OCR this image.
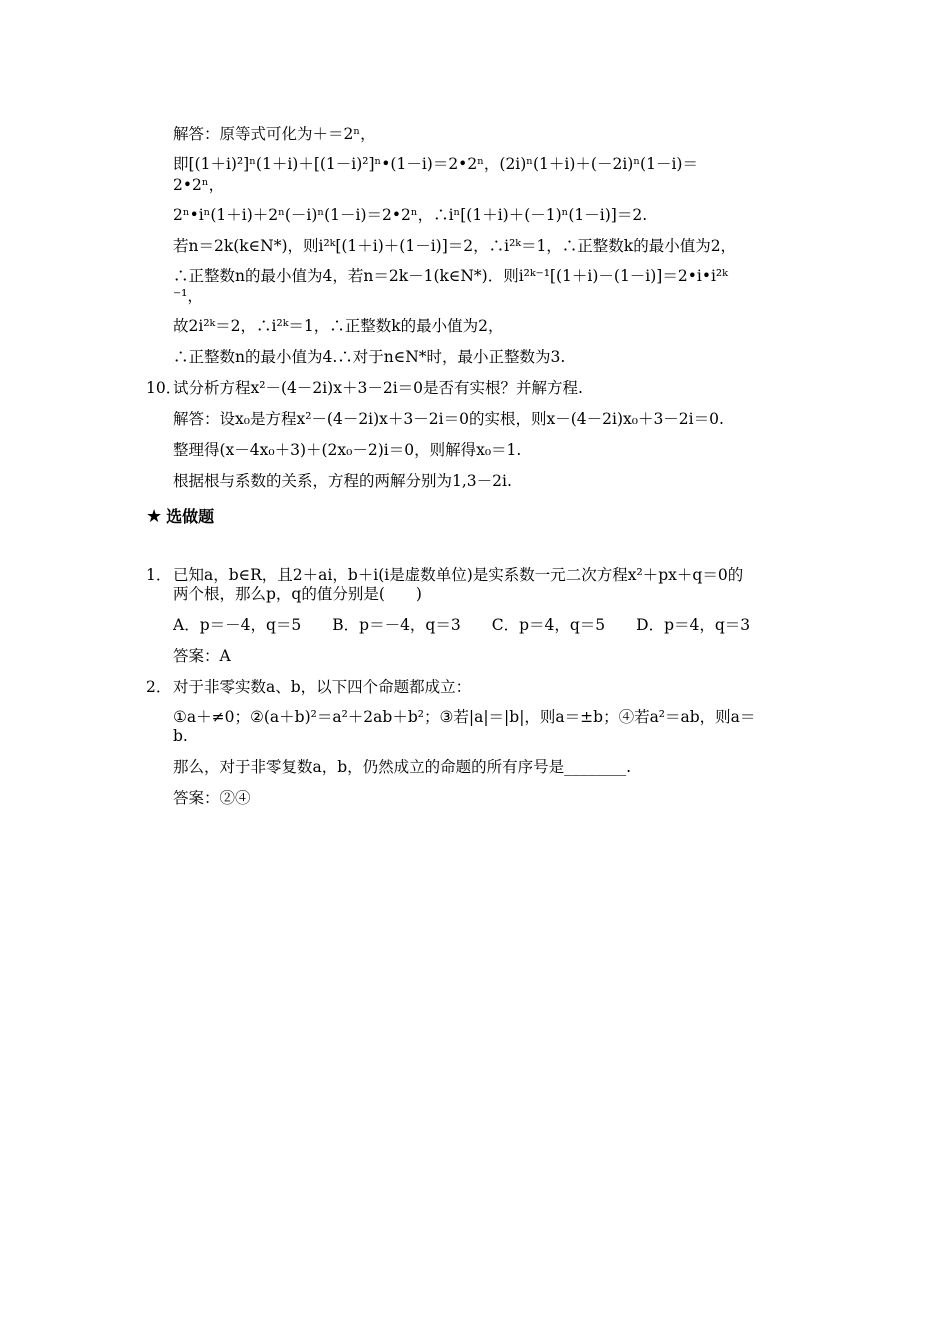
解答：原等式可化为＋＝2ⁿ，
即[(1＋i)²]ⁿ(1＋i)＋[(1－i)²]ⁿ•(1－i)＝2•2ⁿ，(2i)ⁿ(1＋i)＋(－2i)ⁿ(1－i)＝
2•2ⁿ，
2ⁿ•iⁿ(1＋i)＋2ⁿ(－i)ⁿ(1－i)＝2•2ⁿ，∴iⁿ[(1＋i)＋(－1)ⁿ(1－i)]＝2.
若n＝2k(k∈N*)，则i²ᵏ[(1＋i)＋(1－i)]＝2，∴i²ᵏ＝1，∴正整数k的最小值为2，
∴正整数n的最小值为4，若n＝2k－1(k∈N*)．则i²ᵏ⁻¹[(1＋i)－(1－i)]＝2•i•i²ᵏ
⁻¹，
故2i²ᵏ＝2，∴i²ᵏ＝1，∴正整数k的最小值为2，
∴正整数n的最小值为4.∴对于n∈N*时，最小正整数为3.
10．
试分析方程x²－(4－2i)x＋3－2i＝0是否有实根？并解方程.
解答：设x₀是方程x²－(4－2i)x＋3－2i＝0的实根，则x－(4－2i)x₀＋3－2i＝0.
整理得(x－4x₀＋3)＋(2x₀－2)i＝0，则解得x₀＝1.
根据根与系数的关系，方程的两解分别为1,3－2i.
★ 选做题
1． 已知a，b∈R，且2＋ai，b＋i(i是虚数单位)是实系数一元二次方程x²＋px＋q＝0的
两个根，那么p，q的值分别是(　　)
A．p＝－4，q＝5　　B．p＝－4，q＝3　　C．p＝4，q＝5　　D．p＝4，q＝3
答案：A
2． 对于非零实数a、b，以下四个命题都成立：
①a＋≠0；②(a＋b)²＝a²＋2ab＋b²；③若|a|＝|b|，则a＝±b；④若a²＝ab，则a＝
b.
那么，对于非零复数a，b，仍然成立的命题的所有序号是________.
答案：②④
